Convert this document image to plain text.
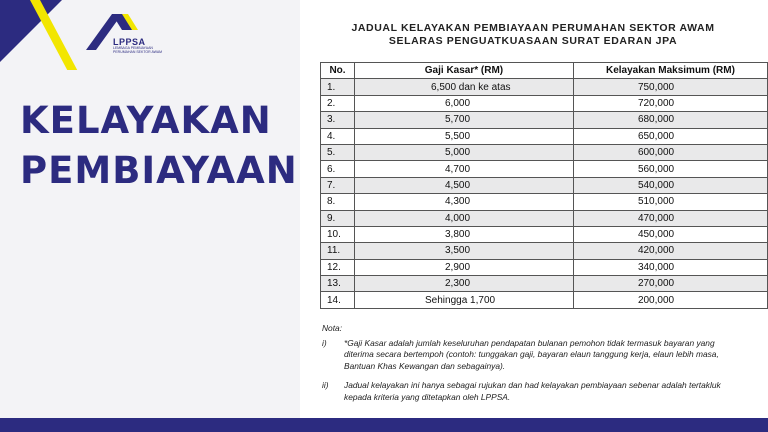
LPPSA
LEMBAGA PEMBIAYAAN PERUMAHAN SEKTOR AWAM
KELAYAKAN
PEMBIAYAAN
JADUAL KELAYAKAN PEMBIAYAAN PERUMAHAN SEKTOR AWAM
SELARAS PENGUATKUASAAN SURAT EDARAN JPA
No.	Gaji Kasar* (RM)	Kelayakan Maksimum (RM)
1.	6,500 dan ke atas	750,000
2.	6,000	720,000
3.	5,700	680,000
4.	5,500	650,000
5.	5,000	600,000
6.	4,700	560,000
7.	4,500	540,000
8.	4,300	510,000
9.	4,000	470,000
10.	3,800	450,000
11.	3,500	420,000
12.	2,900	340,000
13.	2,300	270,000
14.	Sehingga 1,700	200,000
Nota:
i)	*Gaji Kasar adalah jumlah keseluruhan pendapatan bulanan pemohon tidak termasuk bayaran yang diterima secara bertempoh (contoh: tunggakan gaji, bayaran elaun tanggung kerja, elaun lebih masa, Bantuan Khas Kewangan dan sebagainya).
ii)	Jadual kelayakan ini hanya sebagai rujukan dan had kelayakan pembiayaan sebenar adalah tertakluk kepada kriteria yang ditetapkan oleh LPPSA.
